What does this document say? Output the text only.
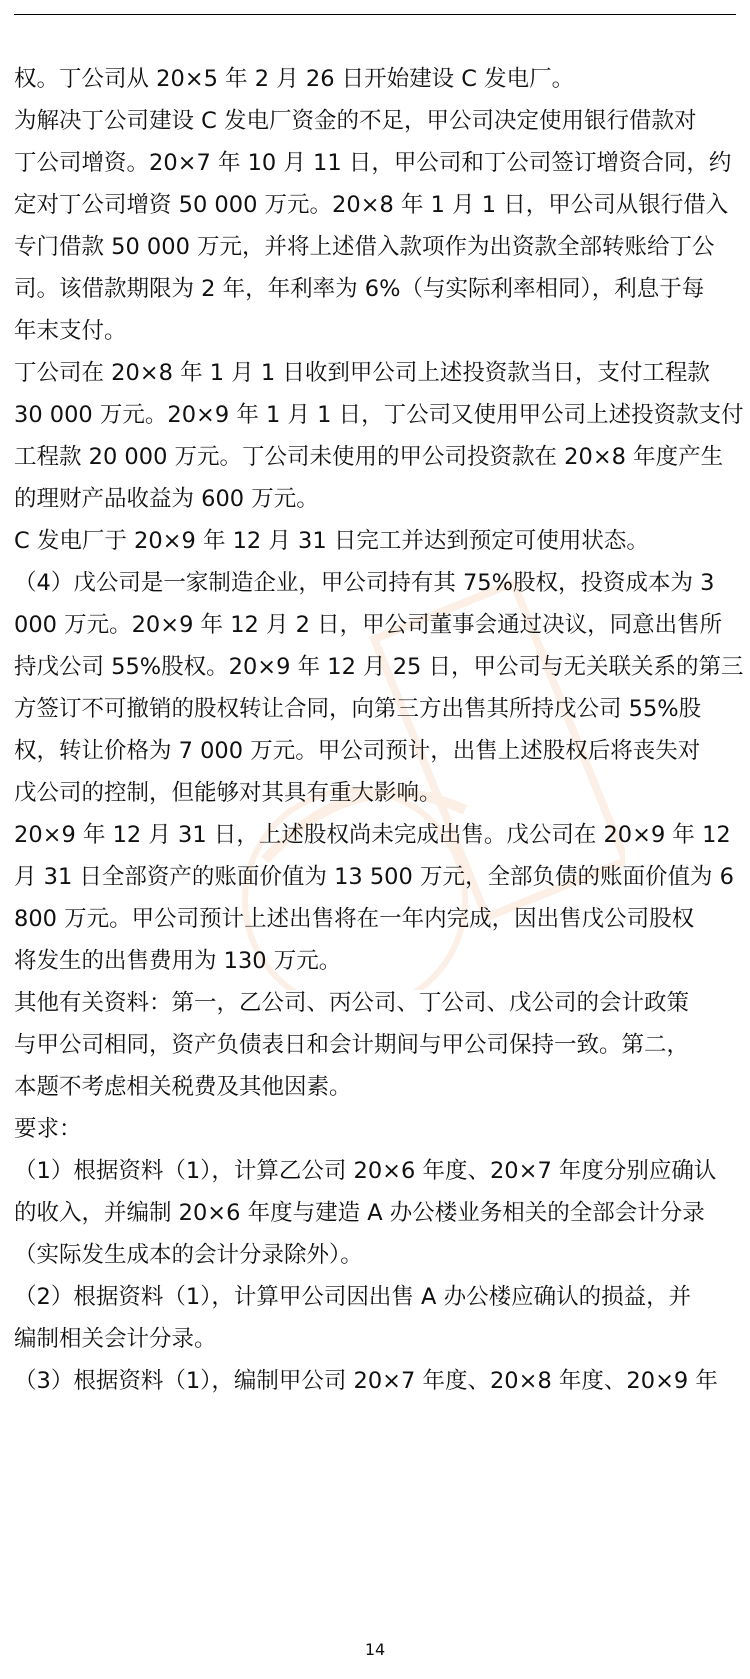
权。丁公司从 20×5 年 2 月 26 日开始建设 C 发电厂。
为解决丁公司建设 C 发电厂资金的不足，甲公司决定使用银行借款对
丁公司增资。20×7 年 10 月 11 日，甲公司和丁公司签订增资合同，约
定对丁公司增资 50 000 万元。20×8 年 1 月 1 日，甲公司从银行借入
专门借款 50 000 万元，并将上述借入款项作为出资款全部转账给丁公
司。该借款期限为 2 年，年利率为 6%（与实际利率相同），利息于每
年末支付。
丁公司在 20×8 年 1 月 1 日收到甲公司上述投资款当日，支付工程款
30 000 万元。20×9 年 1 月 1 日，丁公司又使用甲公司上述投资款支付
工程款 20 000 万元。丁公司未使用的甲公司投资款在 20×8 年度产生
的理财产品收益为 600 万元。
C 发电厂于 20×9 年 12 月 31 日完工并达到预定可使用状态。
（4）戊公司是一家制造企业，甲公司持有其 75%股权，投资成本为 3
000 万元。20×9 年 12 月 2 日，甲公司董事会通过决议，同意出售所
持戊公司 55%股权。20×9 年 12 月 25 日，甲公司与无关联关系的第三
方签订不可撤销的股权转让合同，向第三方出售其所持戊公司 55%股
权，转让价格为 7 000 万元。甲公司预计，出售上述股权后将丧失对
戊公司的控制，但能够对其具有重大影响。
20×9 年 12 月 31 日，上述股权尚未完成出售。戊公司在 20×9 年 12
月 31 日全部资产的账面价值为 13 500 万元，全部负债的账面价值为 6
800 万元。甲公司预计上述出售将在一年内完成，因出售戊公司股权
将发生的出售费用为 130 万元。
其他有关资料：第一，乙公司、丙公司、丁公司、戊公司的会计政策
与甲公司相同，资产负债表日和会计期间与甲公司保持一致。第二，
本题不考虑相关税费及其他因素。
要求：
（1）根据资料（1），计算乙公司 20×6 年度、20×7 年度分别应确认
的收入，并编制 20×6 年度与建造 A 办公楼业务相关的全部会计分录
（实际发生成本的会计分录除外）。
（2）根据资料（1），计算甲公司因出售 A 办公楼应确认的损益，并
编制相关会计分录。
（3）根据资料（1），编制甲公司 20×7 年度、20×8 年度、20×9 年
14
